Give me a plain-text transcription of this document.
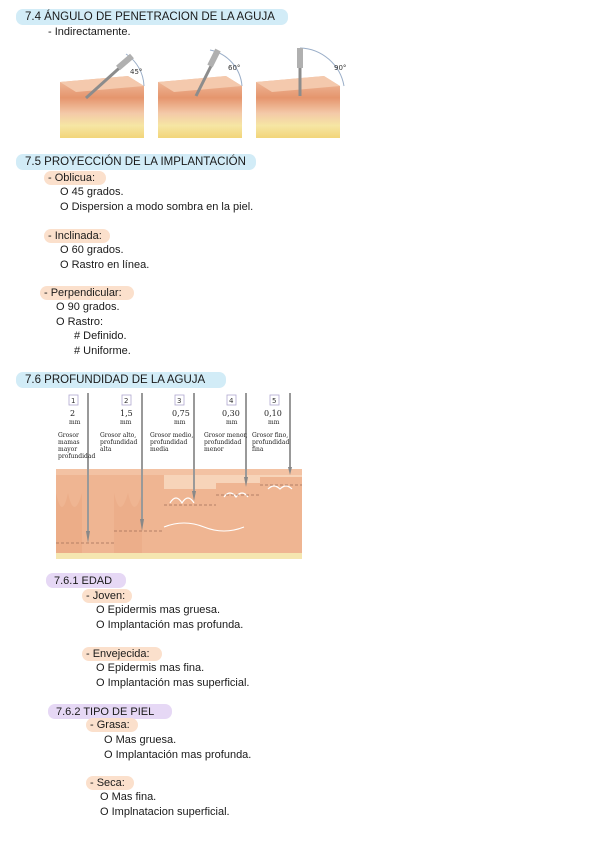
7.4 ÁNGULO DE PENETRACION DE LA AGUJA
- Indirectamente.
45°	60°	90°
7.5 PROYECCIÓN DE LA IMPLANTACIÓN
- Oblicua:
O 45 grados.
O Dispersion a modo sombra en la piel.
- Inclinada:
O 60 grados.
O Rastro en línea.
- Perpendicular:
O 90 grados.
O Rastro:
# Definido.
# Uniforme.
7.6 PROFUNDIDAD DE LA AGUJA
1
2
mm
Grosor
mamas
mayor
profundidad
2
1,5
mm
Grosor alto,
profundidad
alta
3
0,75
mm
Grosor medio,
profundidad
media
4
0,30
mm
Grosor menor,
profundidad
menor
5
0,10
mm
Grosor fino,
profundidad
fina
7.6.1 EDAD
- Joven:
O Epidermis mas gruesa.
O Implantación mas profunda.
- Envejecida:
O Epidermis mas fina.
O Implantación mas superficial.
7.6.2 TIPO DE PIEL
- Grasa:
O Mas gruesa.
O Implantación mas profunda.
- Seca:
O Mas fina.
O Implnatacion superficial.
